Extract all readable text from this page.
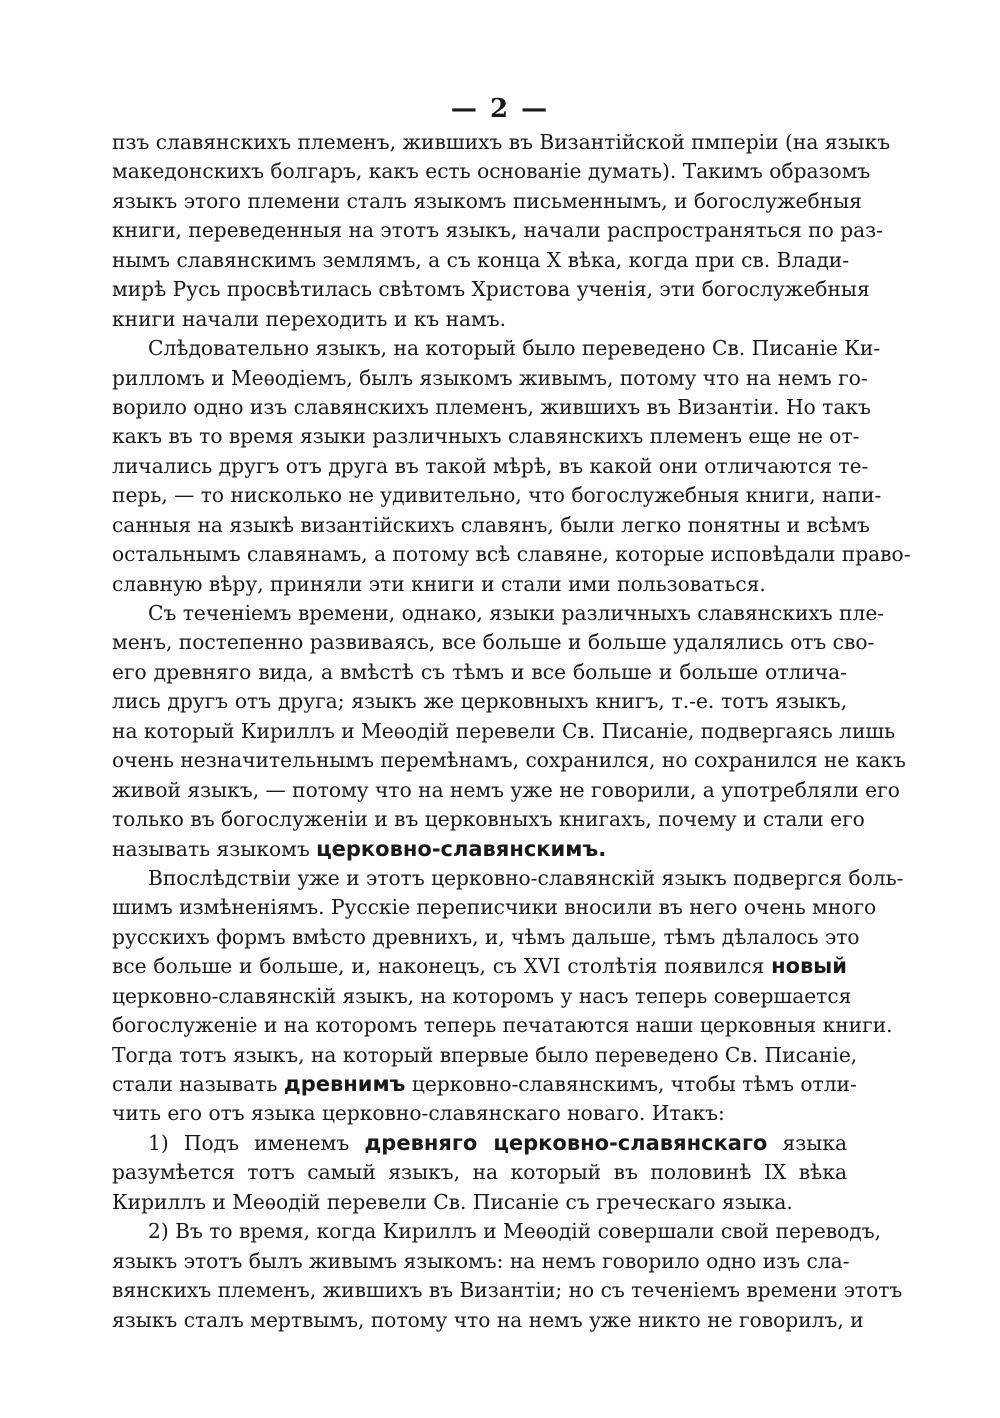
— 2 —
пзъ славянскихъ племенъ, жившихъ въ Византійской пмперіи (на языкъ
македонскихъ болгаръ, какъ есть основаніе думать). Такимъ образомъ
языкъ этого племени сталъ языкомъ письменнымъ, и богослужебныя
книги, переведенныя на этотъ языкъ, начали распространяться по раз-
нымъ славянскимъ землямъ, а съ конца X вѣка, когда при св. Влади-
мирѣ Русь просвѣтилась свѣтомъ Христова ученія, эти богослужебныя
книги начали переходить и къ намъ.
Слѣдовательно языкъ, на который было переведено Св. Писаніе Ки-
рилломъ и Меѳодіемъ, былъ языкомъ живымъ, потому что на немъ го-
ворило одно изъ славянскихъ племенъ, жившихъ въ Византіи. Но такъ
какъ въ то время языки различныхъ славянскихъ племенъ еще не от-
личались другъ отъ друга въ такой мѣрѣ, въ какой они отличаются те-
перь, — то нисколько не удивительно, что богослужебныя книги, напи-
санныя на языкѣ византійскихъ славянъ, были легко понятны и всѣмъ
остальнымъ славянамъ, а потому всѣ славяне, которые исповѣдали право-
славную вѣру, приняли эти книги и стали ими пользоваться.
Съ теченіемъ времени, однако, языки различныхъ славянскихъ пле-
менъ, постепенно развиваясь, все больше и больше удалялись отъ сво-
его древняго вида, а вмѣстѣ съ тѣмъ и все больше и больше отлича-
лись другъ отъ друга; языкъ же церковныхъ книгъ, т.-е. тотъ языкъ,
на который Кириллъ и Меѳодій перевели Св. Писаніе, подвергаясь лишь
очень незначительнымъ перемѣнамъ, сохранился, но сохранился не какъ
живой языкъ, — потому что на немъ уже не говорили, а употребляли его
только въ богослуженіи и въ церковныхъ книгахъ, почему и стали его
называть языкомъ церковно-славянскимъ.
Впослѣдствіи уже и этотъ церковно-славянскій языкъ подвергся боль-
шимъ измѣненіямъ. Русскіе переписчики вносили въ него очень много
русскихъ формъ вмѣсто древнихъ, и, чѣмъ дальше, тѣмъ дѣлалось это
все больше и больше, и, наконецъ, съ XVI столѣтія появился новый
церковно-славянскій языкъ, на которомъ у насъ теперь совершается
богослуженіе и на которомъ теперь печатаются наши церковныя книги.
Тогда тотъ языкъ, на который впервые было переведено Св. Писаніе,
стали называть древнимъ церковно-славянскимъ, чтобы тѣмъ отли-
чить его отъ языка церковно-славянскаго новаго. Итакъ:
1) Подъ именемъ древняго церковно-славянскаго языка
разумѣется тотъ самый языкъ, на который въ половинѣ IX вѣка
Кириллъ и Меѳодій перевели Св. Писаніе съ греческаго языка.
2) Въ то время, когда Кириллъ и Меѳодій совершали свой переводъ,
языкъ этотъ былъ живымъ языкомъ: на немъ говорило одно изъ сла-
вянскихъ племенъ, жившихъ въ Византіи; но съ теченіемъ времени этотъ
языкъ сталъ мертвымъ, потому что на немъ уже никто не говорилъ, и
